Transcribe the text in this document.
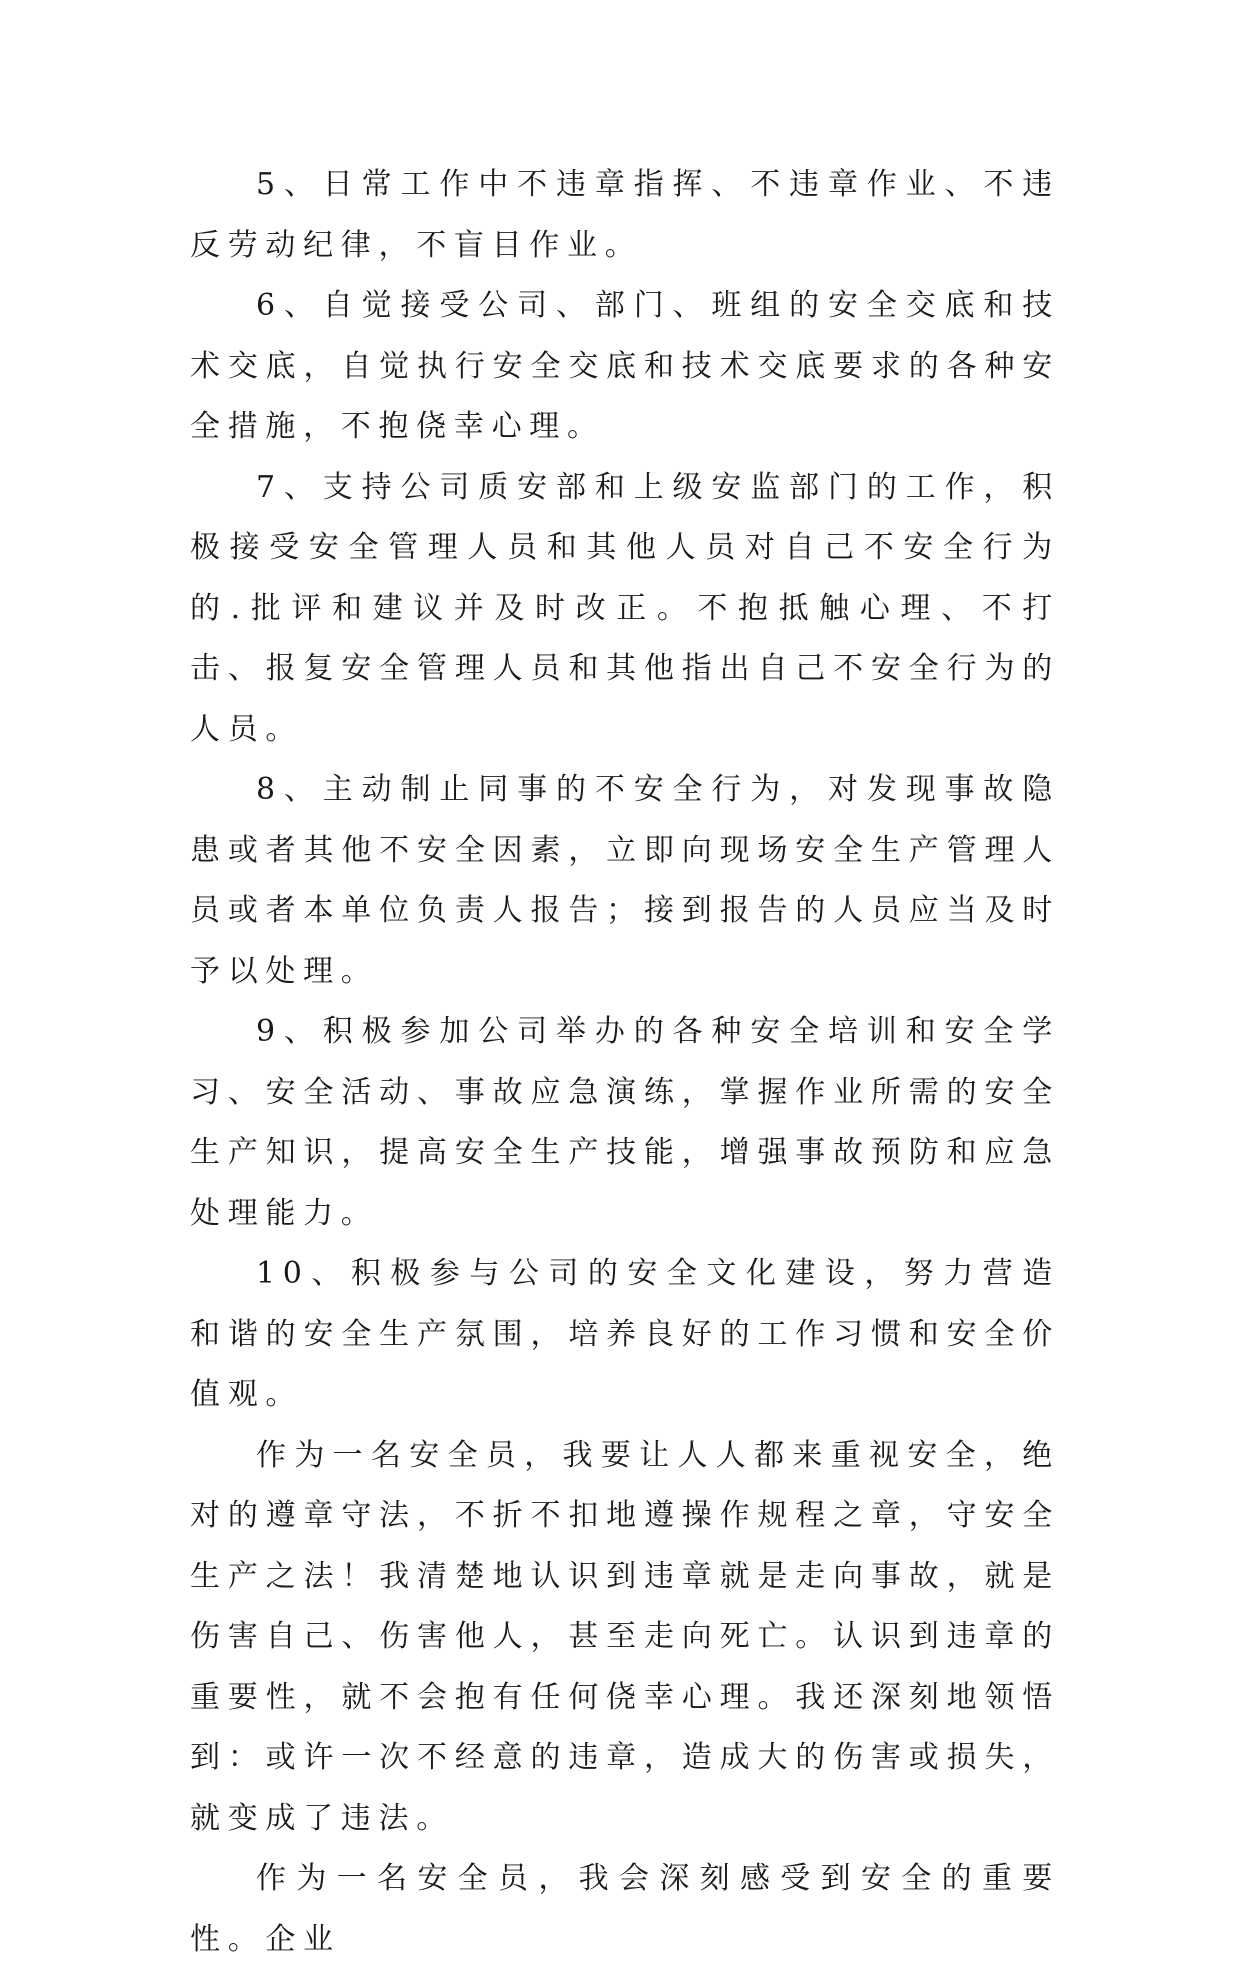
5、日常工作中不违章指挥、不违章作业、不违反劳动纪律，不盲目作业。

6、自觉接受公司、部门、班组的安全交底和技术交底，自觉执行安全交底和技术交底要求的各种安全措施，不抱侥幸心理。

7、支持公司质安部和上级安监部门的工作，积极接受安全管理人员和其他人员对自己不安全行为的.批评和建议并及时改正。不抱抵触心理、不打击、报复安全管理人员和其他指出自己不安全行为的人员。

8、主动制止同事的不安全行为，对发现事故隐患或者其他不安全因素，立即向现场安全生产管理人员或者本单位负责人报告；接到报告的人员应当及时予以处理。

9、积极参加公司举办的各种安全培训和安全学习、安全活动、事故应急演练，掌握作业所需的安全生产知识，提高安全生产技能，增强事故预防和应急处理能力。

10、积极参与公司的安全文化建设，努力营造和谐的安全生产氛围，培养良好的工作习惯和安全价值观。

作为一名安全员，我要让人人都来重视安全，绝对的遵章守法，不折不扣地遵操作规程之章，守安全生产之法！我清楚地认识到违章就是走向事故，就是伤害自己、伤害他人，甚至走向死亡。认识到违章的重要性，就不会抱有任何侥幸心理。我还深刻地领悟到：或许一次不经意的违章，造成大的伤害或损失，就变成了违法。

作为一名安全员，我会深刻感受到安全的重要性。企业
